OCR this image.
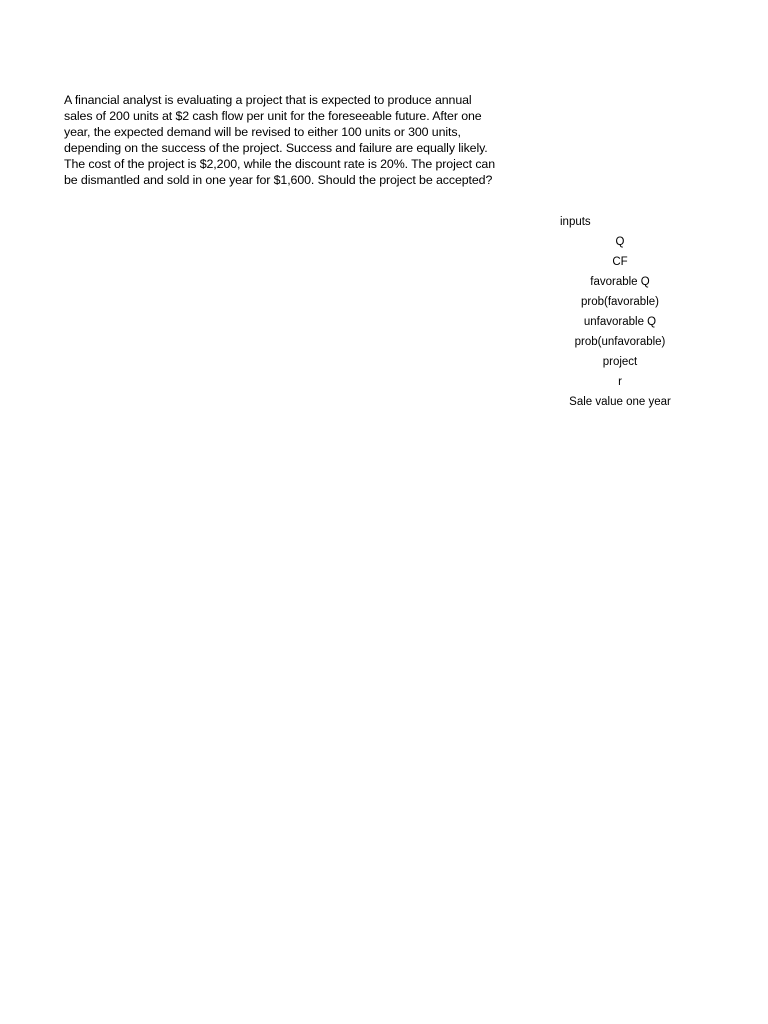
A financial analyst is evaluating a project that is expected to produce annual
sales of 200 units at $2 cash flow per unit for the foreseeable future. After one
year, the expected demand will be revised to either 100 units or 300 units,
depending on the success of the project. Success and failure are equally likely.
The cost of the project is $2,200, while the discount rate is 20%. The project can
be dismantled and sold in one year for $1,600. Should the project be accepted?
inputs
Q
CF
favorable Q
prob(favorable)
unfavorable Q
prob(unfavorable)
project
r
Sale value one year
